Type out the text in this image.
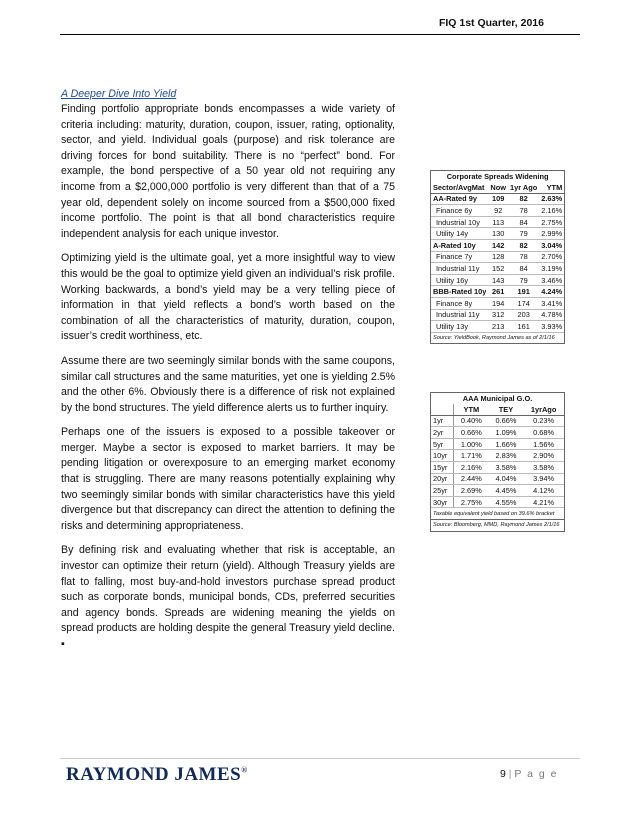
FIQ 1st Quarter, 2016
A Deeper Dive Into Yield

Finding portfolio appropriate bonds encompasses a wide variety of criteria including: maturity, duration, coupon, issuer, rating, optionality, sector, and yield. Individual goals (purpose) and risk tolerance are driving forces for bond suitability. There is no “perfect” bond. For example, the bond perspective of a 50 year old not requiring any income from a $2,000,000 portfolio is very different than that of a 75 year old, dependent solely on income sourced from a $500,000 fixed income portfolio. The point is that all bond characteristics require independent analysis for each unique investor.

Optimizing yield is the ultimate goal, yet a more insightful way to view this would be the goal to optimize yield given an individual’s risk profile. Working backwards, a bond’s yield may be a very telling piece of information in that yield reflects a bond’s worth based on the combination of all the characteristics of maturity, duration, coupon, issuer’s credit worthiness, etc.

Assume there are two seemingly similar bonds with the same coupons, similar call structures and the same maturities, yet one is yielding 2.5% and the other 6%. Obviously there is a difference of risk not explained by the bond structures. The yield difference alerts us to further inquiry.

Perhaps one of the issuers is exposed to a possible takeover or merger. Maybe a sector is exposed to market barriers. It may be pending litigation or overexposure to an emerging market economy that is struggling. There are many reasons potentially explaining why two seemingly similar bonds with similar characteristics have this yield divergence but that discrepancy can direct the attention to defining the risks and determining appropriateness.

By defining risk and evaluating whether that risk is acceptable, an investor can optimize their return (yield). Although Treasury yields are flat to falling, most buy-and-hold investors purchase spread product such as corporate bonds, municipal bonds, CDs, preferred securities and agency bonds. Spreads are widening meaning the yields on spread products are holding despite the general Treasury yield decline. ▪

Corporate Spreads Widening			
Sector/AvgMat	Now	1yr Ago	YTM
AA-Rated 9y	109	82	2.63%
Finance 6y	92	78	2.16%
Industrial 10y	113	84	2.75%
Utility 14y	130	79	2.99%
A-Rated 10y	142	82	3.04%
Finance 7y	128	78	2.70%
Industrial 11y	152	84	3.19%
Utility 16y	143	79	3.46%
BBB-Rated 10y	261	191	4.24%
Finance 8y	194	174	3.41%
Industrial 11y	312	203	4.78%
Utility 13y	213	161	3.93%
Source: YieldBook, Raymond James as of 2/1/16			
AAA Municipal G.O.			
	YTM	TEY	1yrAgo
1yr	0.40%	0.66%	0.23%
2yr	0.66%	1.09%	0.68%
5yr	1.00%	1.66%	1.56%
10yr	1.71%	2.83%	2.90%
15yr	2.16%	3.58%	3.58%
20yr	2.44%	4.04%	3.94%
25yr	2.69%	4.45%	4.12%
30yr	2.75%	4.55%	4.21%
Taxable equivalent yield based on 39.6% bracket			
Source: Bloomberg, MMD, Raymond James 2/1/16			
RAYMOND JAMES®	9 | P a g e
